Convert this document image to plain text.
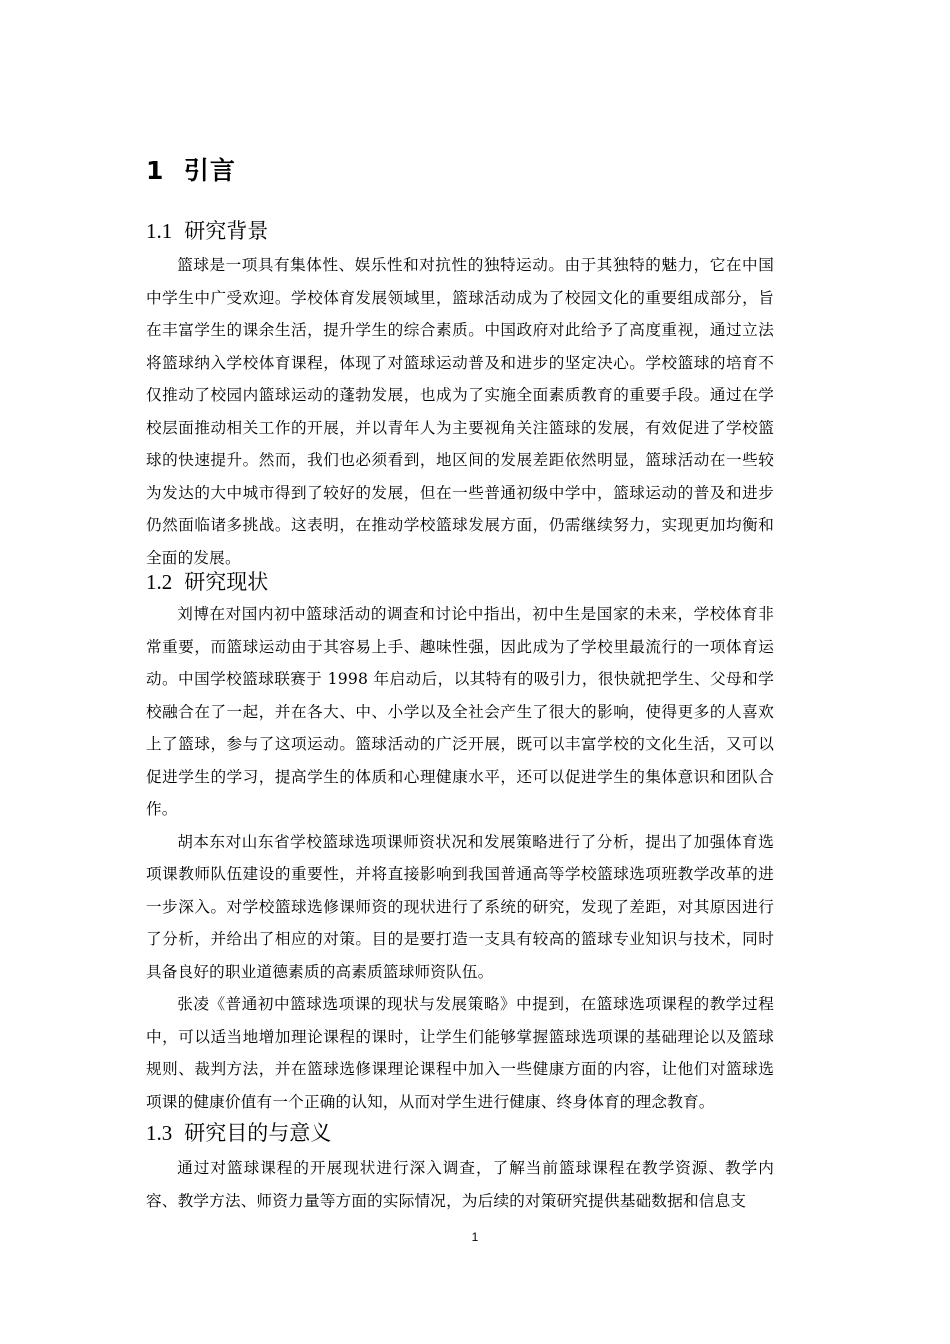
1 引言
1.1 研究背景

篮球是一项具有集体性、娱乐性和对抗性的独特运动。由于其独特的魅力，它在中国中学生中广受欢迎。学校体育发展领域里，篮球活动成为了校园文化的重要组成部分，旨在丰富学生的课余生活，提升学生的综合素质。中国政府对此给予了高度重视，通过立法将篮球纳入学校体育课程，体现了对篮球运动普及和进步的坚定决心。学校篮球的培育不仅推动了校园内篮球运动的蓬勃发展，也成为了实施全面素质教育的重要手段。通过在学校层面推动相关工作的开展，并以青年人为主要视角关注篮球的发展，有效促进了学校篮球的快速提升。然而，我们也必须看到，地区间的发展差距依然明显，篮球活动在一些较为发达的大中城市得到了较好的发展，但在一些普通初级中学中，篮球运动的普及和进步仍然面临诸多挑战。这表明，在推动学校篮球发展方面，仍需继续努力，实现更加均衡和全面的发展。

1.2 研究现状

刘博在对国内初中篮球活动的调查和讨论中指出，初中生是国家的未来，学校体育非常重要，而篮球运动由于其容易上手、趣味性强，因此成为了学校里最流行的一项体育运动。中国学校篮球联赛于 1998 年启动后，以其特有的吸引力，很快就把学生、父母和学校融合在了一起，并在各大、中、小学以及全社会产生了很大的影响，使得更多的人喜欢上了篮球，参与了这项运动。篮球活动的广泛开展，既可以丰富学校的文化生活，又可以促进学生的学习，提高学生的体质和心理健康水平，还可以促进学生的集体意识和团队合作。

胡本东对山东省学校篮球选项课师资状况和发展策略进行了分析，提出了加强体育选项课教师队伍建设的重要性，并将直接影响到我国普通高等学校篮球选项班教学改革的进一步深入。对学校篮球选修课师资的现状进行了系统的研究，发现了差距，对其原因进行了分析，并给出了相应的对策。目的是要打造一支具有较高的篮球专业知识与技术，同时具备良好的职业道德素质的高素质篮球师资队伍。

张凌《普通初中篮球选项课的现状与发展策略》中提到，在篮球选项课程的教学过程中，可以适当地增加理论课程的课时，让学生们能够掌握篮球选项课的基础理论以及篮球规则、裁判方法，并在篮球选修课理论课程中加入一些健康方面的内容，让他们对篮球选项课的健康价值有一个正确的认知，从而对学生进行健康、终身体育的理念教育。

1.3 研究目的与意义

通过对篮球课程的开展现状进行深入调查，了解当前篮球课程在教学资源、教学内容、教学方法、师资力量等方面的实际情况，为后续的对策研究提供基础数据和信息支

1
